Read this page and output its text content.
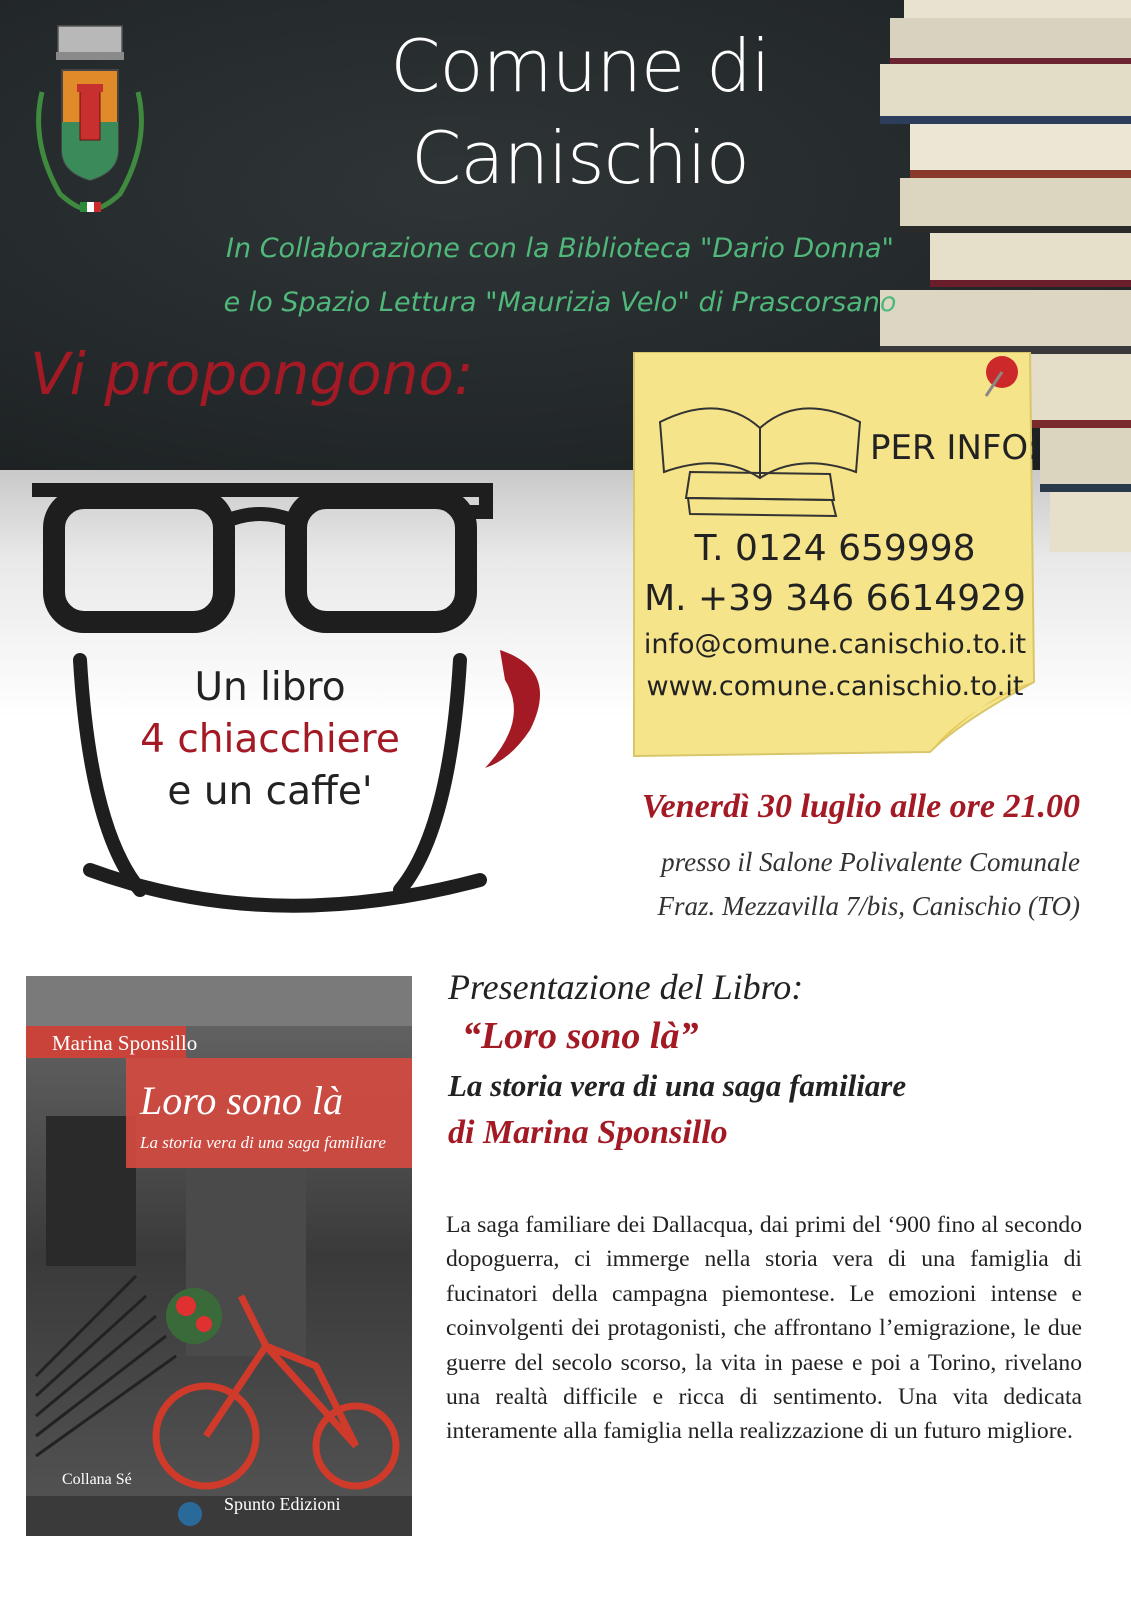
Comune di
Canischio
In Collaborazione con la Biblioteca "Dario Donna"
e lo Spazio Lettura "Maurizia Velo" di Prascorsano
Vi propongono:
Un libro
4 chiacchiere
e un caffe'
PER INFO:
T. 0124 659998
M. +39 346 6614929
info@comune.canischio.to.it
www.comune.canischio.to.it
Venerdì 30 luglio alle ore 21.00
presso il Salone Polivalente Comunale
Fraz. Mezzavilla 7/bis, Canischio (TO)
Marina Sponsillo
Loro sono là
La storia vera di una saga familiare
Collana Sé
Spunto Edizioni
Presentazione del Libro:
“Loro sono là”
La storia vera di una saga familiare
di Marina Sponsillo
La saga familiare dei Dallacqua, dai primi del ‘900 fino al secondo dopoguerra, ci immerge nella storia vera di una famiglia di fucinatori della campagna piemontese. Le emozioni intense e coinvolgenti dei protagonisti, che affrontano l’emigrazione, le due guerre del secolo scorso, la vita in paese e poi a Torino, rivelano una realtà difficile e ricca di sentimento. Una vita dedicata interamente alla famiglia nella realizzazione di un futuro migliore.
